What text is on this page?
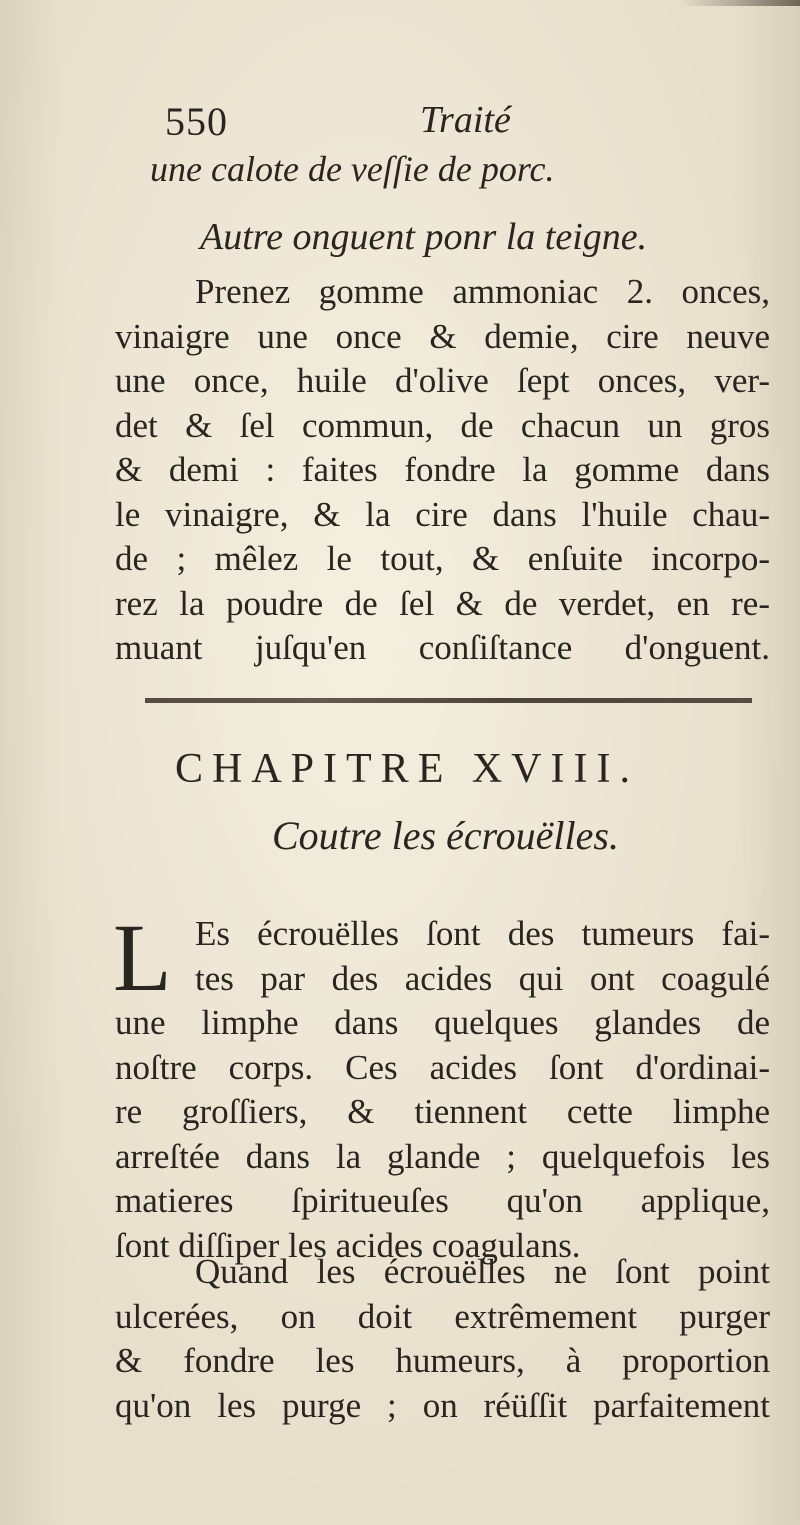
550	Traité
une calote de veſſie de porc.
Autre onguent ponr la teigne.
Prenez gomme ammoniac 2. onces,
vinaigre une once & demie, cire neuve
une once, huile d'olive ſept onces, ver-
det & ſel commun, de chacun un gros
& demi : faites fondre la gomme dans
le vinaigre, & la cire dans l'huile chau-
de ; mêlez le tout, & enſuite incorpo-
rez la poudre de ſel & de verdet, en re-
muant juſqu'en conſiſtance d'onguent.
CHAPITRE XVIII.
Coutre les écrouëlles.
L Es écrouëlles ſont des tumeurs fai-
tes par des acides qui ont coagulé
une limphe dans quelques glandes de
noſtre corps. Ces acides ſont d'ordinai-
re groſſiers, & tiennent cette limphe
arreſtée dans la glande ; quelquefois les
matieres ſpiritueuſes qu'on applique,
ſont diſſiper les acides coagulans.
Quand les écrouëlles ne ſont point
ulcerées, on doit extrêmement purger
& fondre les humeurs, à proportion
qu'on les purge ; on réüſſit parfaitement
